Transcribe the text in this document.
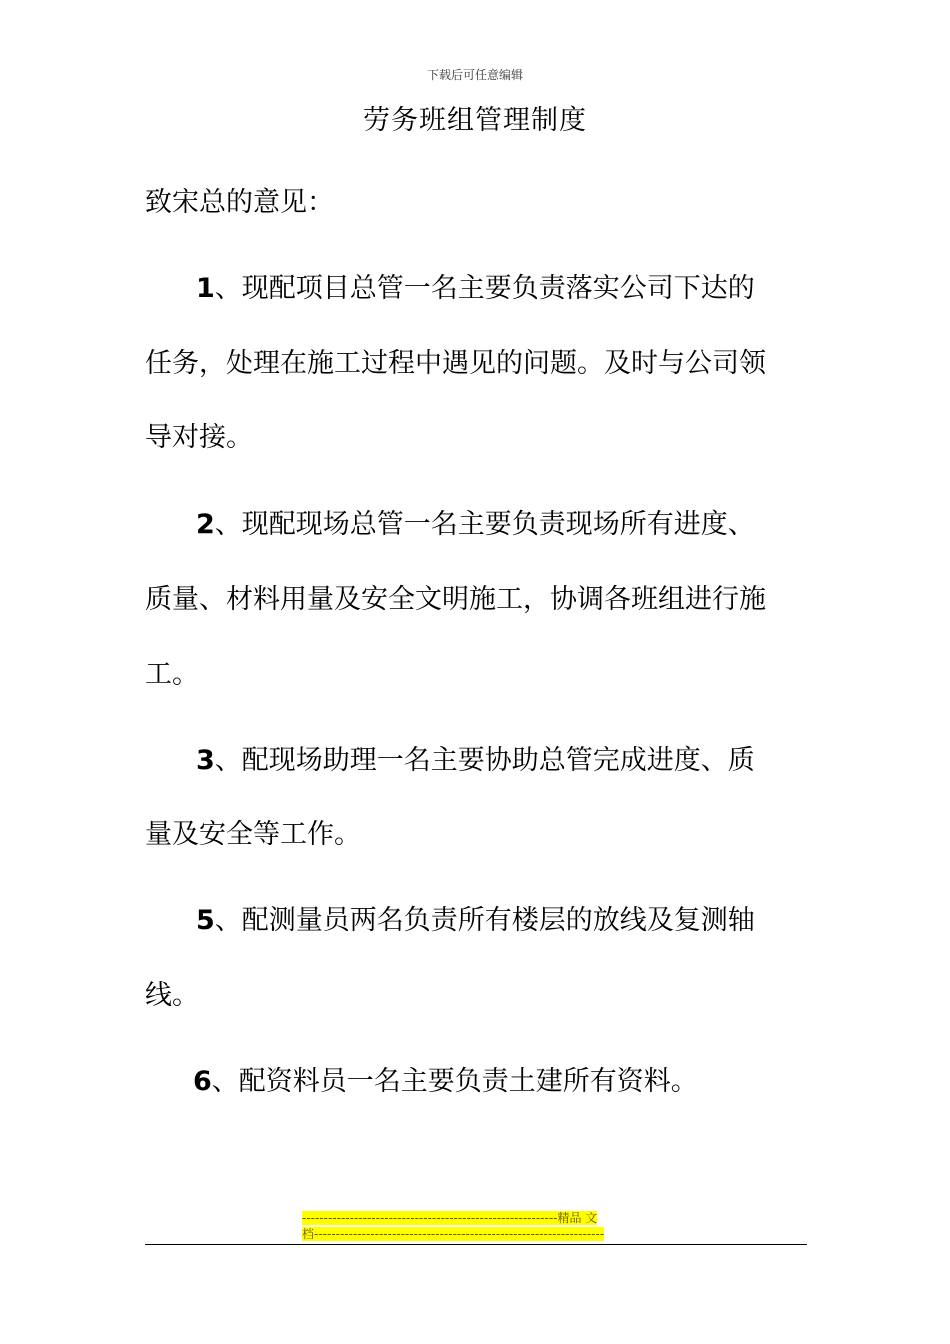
下载后可任意编辑
劳务班组管理制度
致宋总的意见：
1、现配项目总管一名主要负责落实公司下达的
任务，处理在施工过程中遇见的问题。及时与公司领
导对接。
2、现配现场总管一名主要负责现场所有进度、
质量、材料用量及安全文明施工，协调各班组进行施
工。
3、配现场助理一名主要协助总管完成进度、质
量及安全等工作。
5、配测量员两名负责所有楼层的放线及复测轴
线。
6、配资料员一名主要负责土建所有资料。
-----------------------------------------------------------精品 文
档-------------------------------------------------------------------
